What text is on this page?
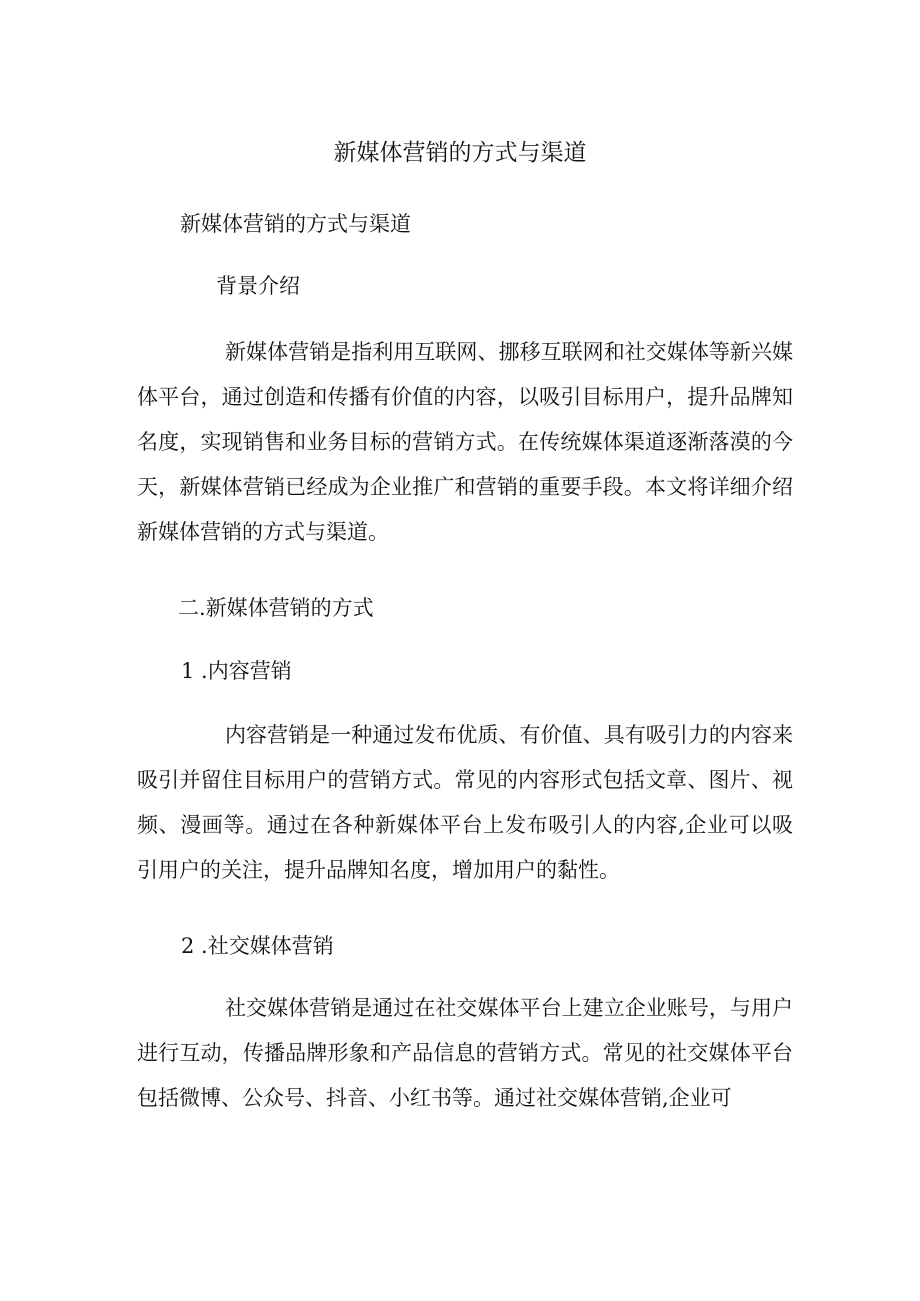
新媒体营销的方式与渠道
新媒体营销的方式与渠道
背景介绍
新媒体营销是指利用互联网、挪移互联网和社交媒体等新兴媒体平台，通过创造和传播有价值的内容，以吸引目标用户，提升品牌知名度，实现销售和业务目标的营销方式。在传统媒体渠道逐渐落漠的今天，新媒体营销已经成为企业推广和营销的重要手段。本文将详细介绍新媒体营销的方式与渠道。
二.新媒体营销的方式
1 .内容营销
内容营销是一种通过发布优质、有价值、具有吸引力的内容来吸引并留住目标用户的营销方式。常见的内容形式包括文章、图片、视频、漫画等。通过在各种新媒体平台上发布吸引人的内容,企业可以吸引用户的关注，提升品牌知名度，增加用户的黏性。
2 .社交媒体营销
社交媒体营销是通过在社交媒体平台上建立企业账号，与用户进行互动，传播品牌形象和产品信息的营销方式。常见的社交媒体平台包括微博、公众号、抖音、小红书等。通过社交媒体营销,企业可
